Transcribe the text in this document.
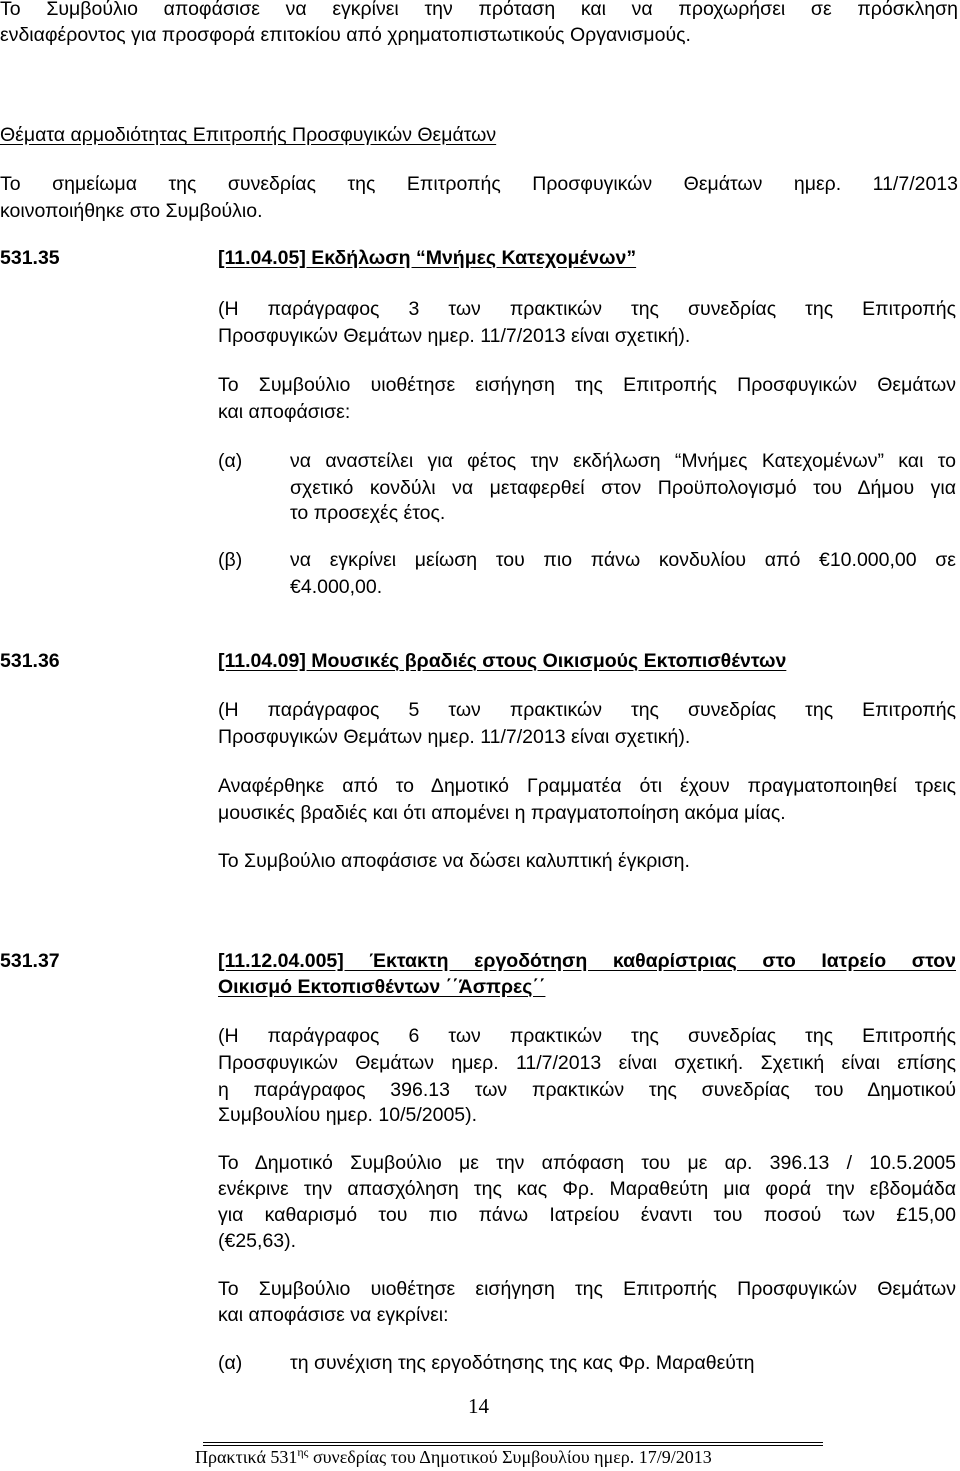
Το Συμβούλιο αποφάσισε να εγκρίνει την πρόταση και να προχωρήσει σε πρόσκληση
ενδιαφέροντος για προσφορά επιτοκίου από χρηματοπιστωτικούς Οργανισμούς.
Θέματα αρμοδιότητας Επιτροπής Προσφυγικών Θεμάτων
Το σημείωμα της συνεδρίας της Επιτροπής Προσφυγικών Θεμάτων ημερ. 11/7/2013
κοινοποιήθηκε στο Συμβούλιο.
531.35	[11.04.05] Εκδήλωση “Μνήμες Κατεχομένων”
(Η παράγραφος 3 των πρακτικών της συνεδρίας της Επιτροπής
Προσφυγικών Θεμάτων ημερ. 11/7/2013 είναι σχετική).
Το Συμβούλιο υιοθέτησε εισήγηση της Επιτροπής Προσφυγικών Θεμάτων
και αποφάσισε:
(α) να αναστείλει για φέτος την εκδήλωση “Μνήμες Κατεχομένων” και το
σχετικό κονδύλι να μεταφερθεί στον Προϋπολογισμό του Δήμου για
το προσεχές έτος.
(β) να εγκρίνει μείωση του πιο πάνω κονδυλίου από €10.000,00 σε
€4.000,00.
531.36	[11.04.09] Μουσικές βραδιές στους Οικισμούς Εκτοπισθέντων
(Η παράγραφος 5 των πρακτικών της συνεδρίας της Επιτροπής
Προσφυγικών Θεμάτων ημερ. 11/7/2013 είναι σχετική).
Αναφέρθηκε από το Δημοτικό Γραμματέα ότι έχουν πραγματοποιηθεί τρεις
μουσικές βραδιές και ότι απομένει η πραγματοποίηση ακόμα μίας.
Το Συμβούλιο αποφάσισε να δώσει καλυπτική έγκριση.
531.37	[11.12.04.005] Έκτακτη εργοδότηση καθαρίστριας στο Ιατρείο στον
Οικισμό Εκτοπισθέντων ΄΄Άσπρες΄΄
(Η παράγραφος 6 των πρακτικών της συνεδρίας της Επιτροπής
Προσφυγικών Θεμάτων ημερ. 11/7/2013 είναι σχετική. Σχετική είναι επίσης
η παράγραφος 396.13 των πρακτικών της συνεδρίας του Δημοτικού
Συμβουλίου ημερ. 10/5/2005).
Το Δημοτικό Συμβούλιο με την απόφαση του με αρ. 396.13 / 10.5.2005
ενέκρινε την απασχόληση της κας Φρ. Μαραθεύτη μια φορά την εβδομάδα
για καθαρισμό του πιο πάνω Ιατρείου έναντι του ποσού των £15,00
(€25,63).
Το Συμβούλιο υιοθέτησε εισήγηση της Επιτροπής Προσφυγικών Θεμάτων
και αποφάσισε να εγκρίνει:
(α) τη συνέχιση της εργοδότησης της κας Φρ. Μαραθεύτη
14
Πρακτικά $531^{\eta\varsigma}$ συνεδρίας του Δημοτικού Συμβουλίου ημερ. 17/9/2013
